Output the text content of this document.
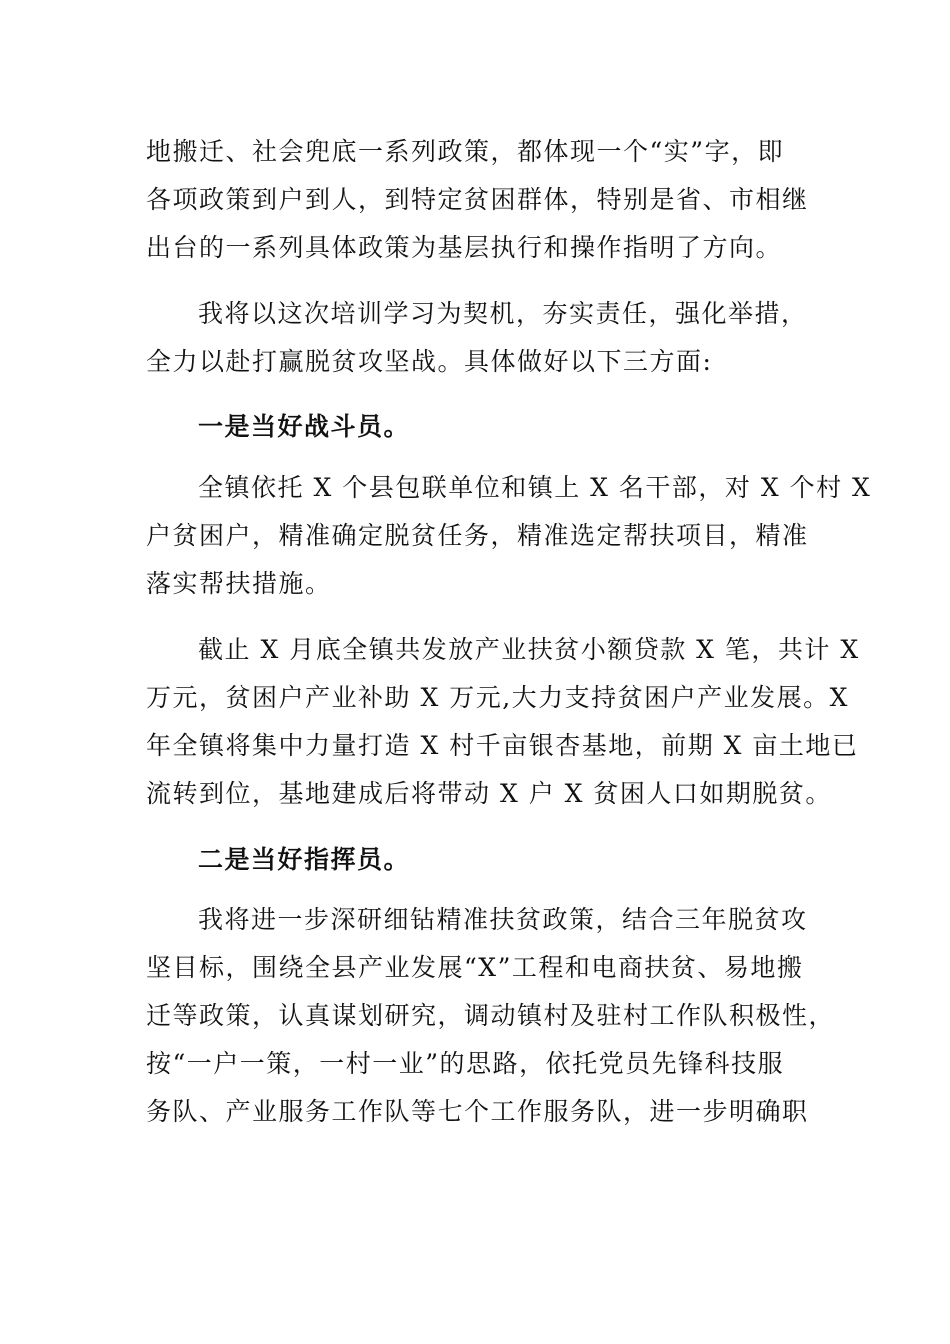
地搬迁、社会兜底一系列政策，都体现一个“实”字，即
各项政策到户到人，到特定贫困群体，特别是省、市相继
出台的一系列具体政策为基层执行和操作指明了方向。
我将以这次培训学习为契机，夯实责任，强化举措，
全力以赴打赢脱贫攻坚战。具体做好以下三方面:
一是当好战斗员。
全镇依托 X 个县包联单位和镇上 X 名干部，对 X 个村 X
户贫困户，精准确定脱贫任务，精准选定帮扶项目，精准
落实帮扶措施。
截止 X 月底全镇共发放产业扶贫小额贷款 X 笔，共计 X
万元，贫困户产业补助 X 万元,大力支持贫困户产业发展。X
年全镇将集中力量打造 X 村千亩银杏基地，前期 X 亩土地已
流转到位，基地建成后将带动 X 户 X 贫困人口如期脱贫。
二是当好指挥员。
我将进一步深研细钻精准扶贫政策，结合三年脱贫攻
坚目标，围绕全县产业发展“X”工程和电商扶贫、易地搬
迁等政策，认真谋划研究，调动镇村及驻村工作队积极性，
按“一户一策，一村一业”的思路，依托党员先锋科技服
务队、产业服务工作队等七个工作服务队，进一步明确职
